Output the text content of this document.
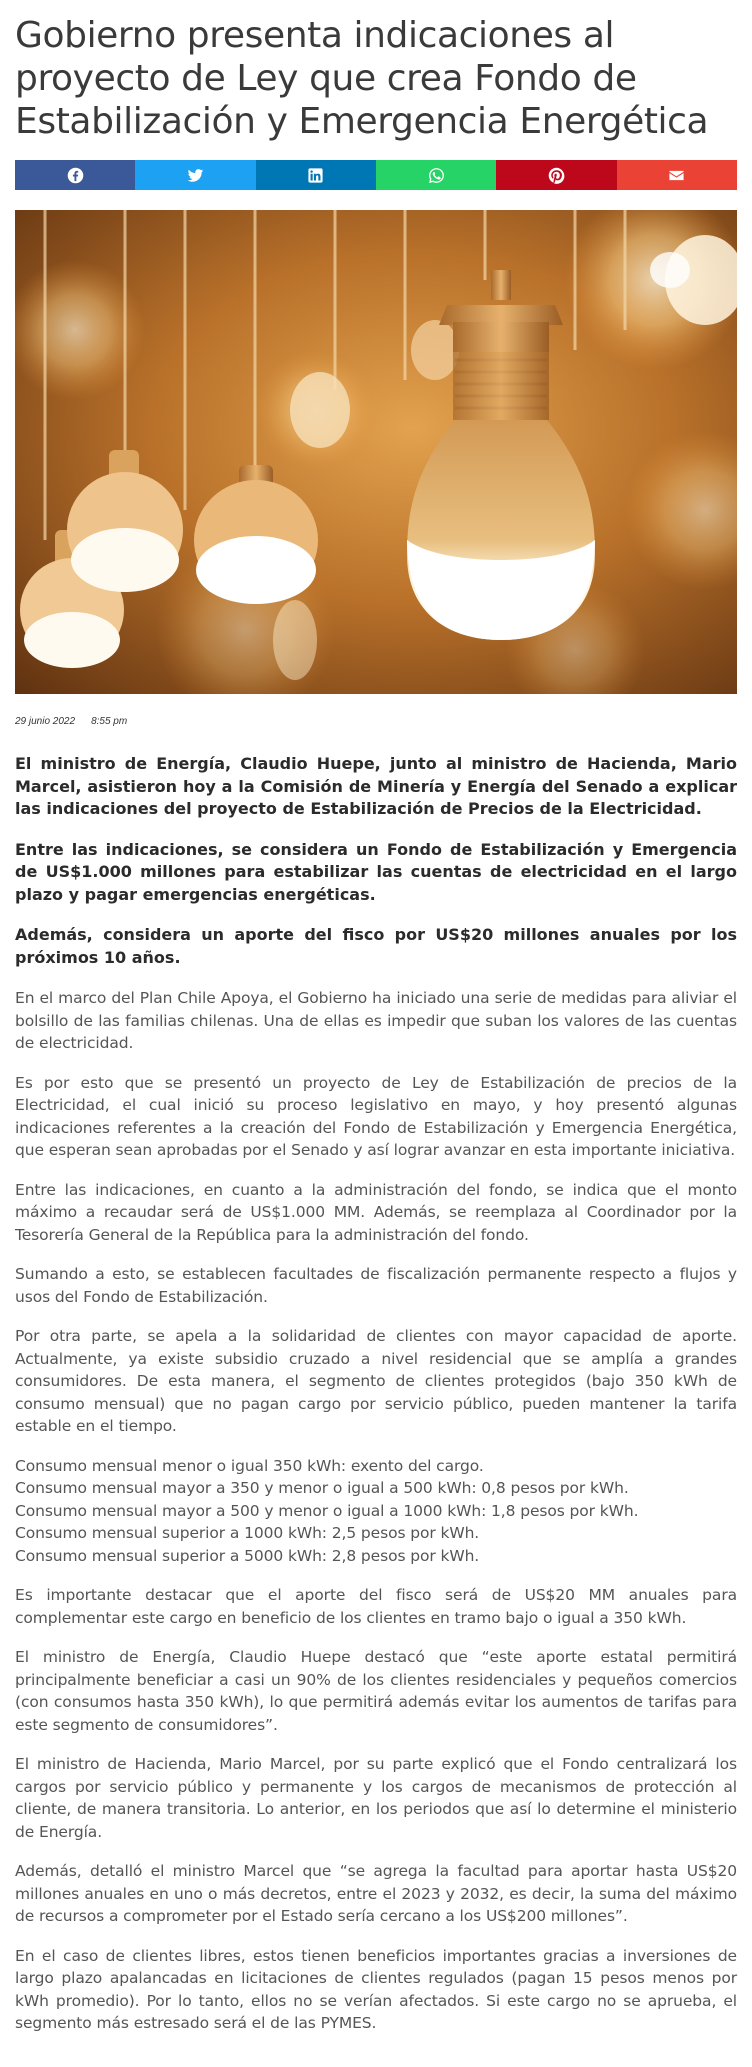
Gobierno presenta indicaciones al proyecto de Ley que crea Fondo de Estabilización y Emergencia Energética
29 junio 2022 8:55 pm

El ministro de Energía, Claudio Huepe, junto al ministro de Hacienda, Mario Marcel, asistieron hoy a la Comisión de Minería y Energía del Senado a explicar las indicaciones del proyecto de Estabilización de Precios de la Electricidad.

Entre las indicaciones, se considera un Fondo de Estabilización y Emergencia de US$1.000 millones para estabilizar las cuentas de electricidad en el largo plazo y pagar emergencias energéticas.

Además, considera un aporte del fisco por US$20 millones anuales por los próximos 10 años.

En el marco del Plan Chile Apoya, el Gobierno ha iniciado una serie de medidas para aliviar el bolsillo de las familias chilenas. Una de ellas es impedir que suban los valores de las cuentas de electricidad.

Es por esto que se presentó un proyecto de Ley de Estabilización de precios de la Electricidad, el cual inició su proceso legislativo en mayo, y hoy presentó algunas indicaciones referentes a la creación del Fondo de Estabilización y Emergencia Energética, que esperan sean aprobadas por el Senado y así lograr avanzar en esta importante iniciativa.

Entre las indicaciones, en cuanto a la administración del fondo, se indica que el monto máximo a recaudar será de US$1.000 MM. Además, se reemplaza al Coordinador por la Tesorería General de la República para la administración del fondo.

Sumando a esto, se establecen facultades de fiscalización permanente respecto a flujos y usos del Fondo de Estabilización.

Por otra parte, se apela a la solidaridad de clientes con mayor capacidad de aporte. Actualmente, ya existe subsidio cruzado a nivel residencial que se amplía a grandes consumidores. De esta manera, el segmento de clientes protegidos (bajo 350 kWh de consumo mensual) que no pagan cargo por servicio público, pueden mantener la tarifa estable en el tiempo.

Consumo mensual menor o igual 350 kWh: exento del cargo.
Consumo mensual mayor a 350 y menor o igual a 500 kWh: 0,8 pesos por kWh.
Consumo mensual mayor a 500 y menor o igual a 1000 kWh: 1,8 pesos por kWh.
Consumo mensual superior a 1000 kWh: 2,5 pesos por kWh.
Consumo mensual superior a 5000 kWh: 2,8 pesos por kWh.

Es importante destacar que el aporte del fisco será de US$20 MM anuales para complementar este cargo en beneficio de los clientes en tramo bajo o igual a 350 kWh.

El ministro de Energía, Claudio Huepe destacó que “este aporte estatal permitirá principalmente beneficiar a casi un 90% de los clientes residenciales y pequeños comercios (con consumos hasta 350 kWh), lo que permitirá además evitar los aumentos de tarifas para este segmento de consumidores”.

El ministro de Hacienda, Mario Marcel, por su parte explicó que el Fondo centralizará los cargos por servicio público y permanente y los cargos de mecanismos de protección al cliente, de manera transitoria. Lo anterior, en los periodos que así lo determine el ministerio de Energía.

Además, detalló el ministro Marcel que “se agrega la facultad para aportar hasta US$20 millones anuales en uno o más decretos, entre el 2023 y 2032, es decir, la suma del máximo de recursos a comprometer por el Estado sería cercano a los US$200 millones”.

En el caso de clientes libres, estos tienen beneficios importantes gracias a inversiones de largo plazo apalancadas en licitaciones de clientes regulados (pagan 15 pesos menos por kWh promedio). Por lo tanto, ellos no se verían afectados. Si este cargo no se aprueba, el segmento más estresado será el de las PYMES.
